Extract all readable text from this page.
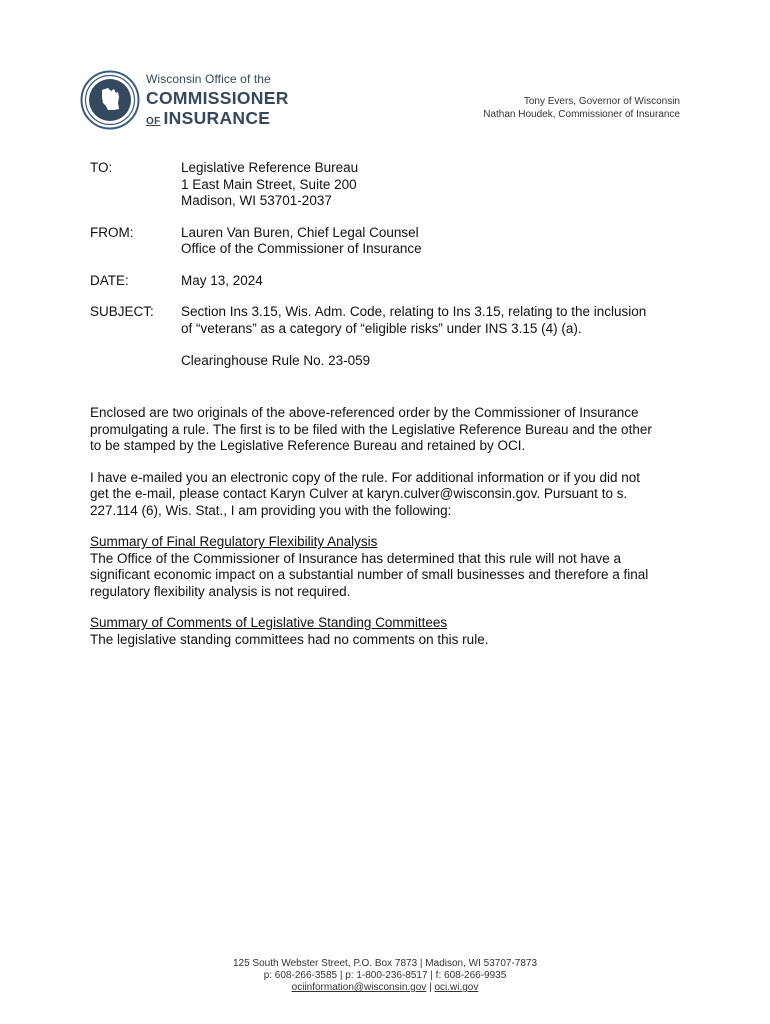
Wisconsin Office of the
COMMISSIONER
OF INSURANCE
Tony Evers, Governor of Wisconsin
Nathan Houdek, Commissioner of Insurance
TO:	Legislative Reference Bureau
1 East Main Street, Suite 200
Madison, WI 53701-2037
FROM:	Lauren Van Buren, Chief Legal Counsel
Office of the Commissioner of Insurance
DATE:	May 13, 2024
SUBJECT:	Section Ins 3.15, Wis. Adm. Code, relating to Ins 3.15, relating to the inclusion
of “veterans” as a category of “eligible risks” under INS 3.15 (4) (a).
Clearinghouse Rule No. 23-059
Enclosed are two originals of the above-referenced order by the Commissioner of Insurance
promulgating a rule. The first is to be filed with the Legislative Reference Bureau and the other
to be stamped by the Legislative Reference Bureau and retained by OCI.
I have e-mailed you an electronic copy of the rule. For additional information or if you did not
get the e-mail, please contact Karyn Culver at karyn.culver@wisconsin.gov. Pursuant to s.
227.114 (6), Wis. Stat., I am providing you with the following:
Summary of Final Regulatory Flexibility Analysis
The Office of the Commissioner of Insurance has determined that this rule will not have a
significant economic impact on a substantial number of small businesses and therefore a final
regulatory flexibility analysis is not required.
Summary of Comments of Legislative Standing Committees
The legislative standing committees had no comments on this rule.
125 South Webster Street, P.O. Box 7873 | Madison, WI 53707-7873
p: 608-266-3585 | p: 1-800-236-8517 | f: 608-266-9935
ociinformation@wisconsin.gov | oci.wi.gov
